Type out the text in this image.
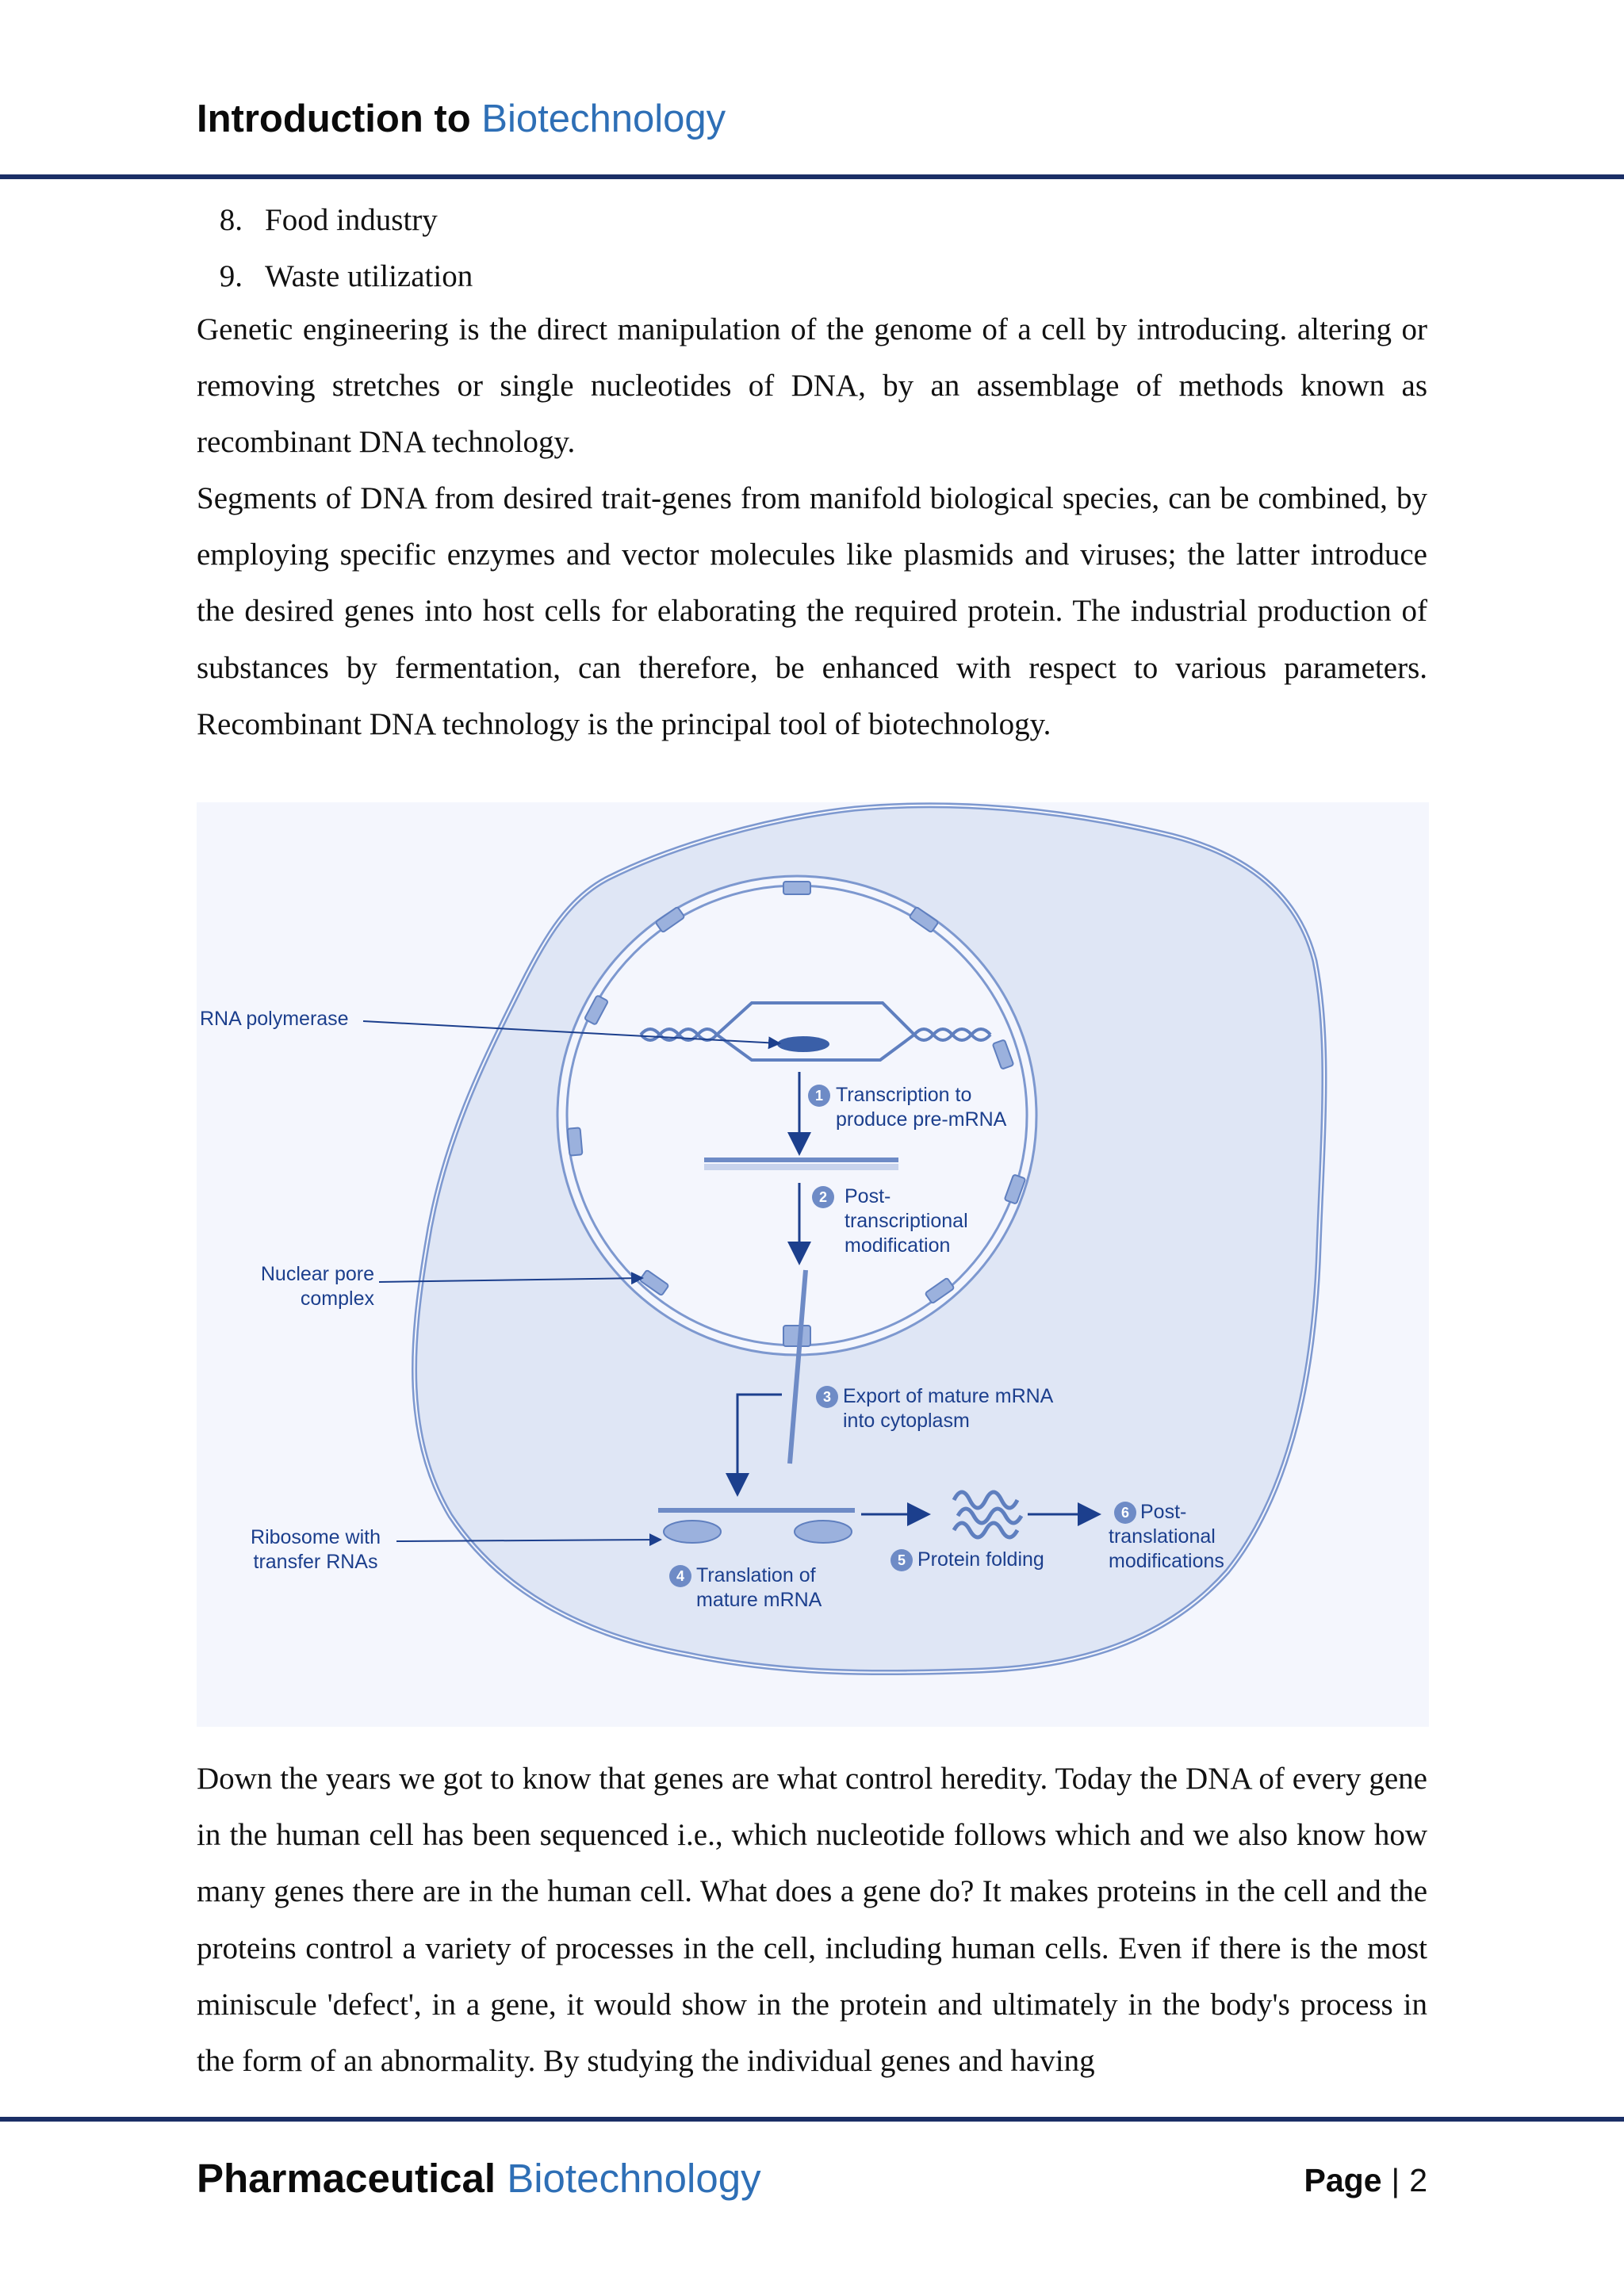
Introduction to Biotechnology
8. Food industry
9. Waste utilization

Genetic engineering is the direct manipulation of the genome of a cell by introducing. altering or removing stretches or single nucleotides of DNA, by an assemblage of methods known as recombinant DNA technology.

Segments of DNA from desired trait-genes from manifold biological species, can be combined, by employing specific enzymes and vector molecules like plasmids and viruses; the latter introduce the desired genes into host cells for elaborating the required protein. The industrial production of substances by fermentation, can therefore, be enhanced with respect to various parameters. Recombinant DNA technology is the principal tool of biotechnology.

RNA polymerase
Nuclear pore
complex
Ribosome with
transfer RNAs
1 Transcription to
produce pre-mRNA
2 Post-
transcriptional
modification
3 Export of mature mRNA
into cytoplasm
4 Translation of
mature mRNA
5 Protein folding
6 Post-
translational
modifications

Down the years we got to know that genes are what control heredity. Today the DNA of every gene in the human cell has been sequenced i.e., which nucleotide follows which and we also know how many genes there are in the human cell. What does a gene do? It makes proteins in the cell and the proteins control a variety of processes in the cell, including human cells. Even if there is the most miniscule 'defect', in a gene, it would show in the protein and ultimately in the body's process in the form of an abnormality. By studying the individual genes and having

Pharmaceutical Biotechnology	Page | 2
